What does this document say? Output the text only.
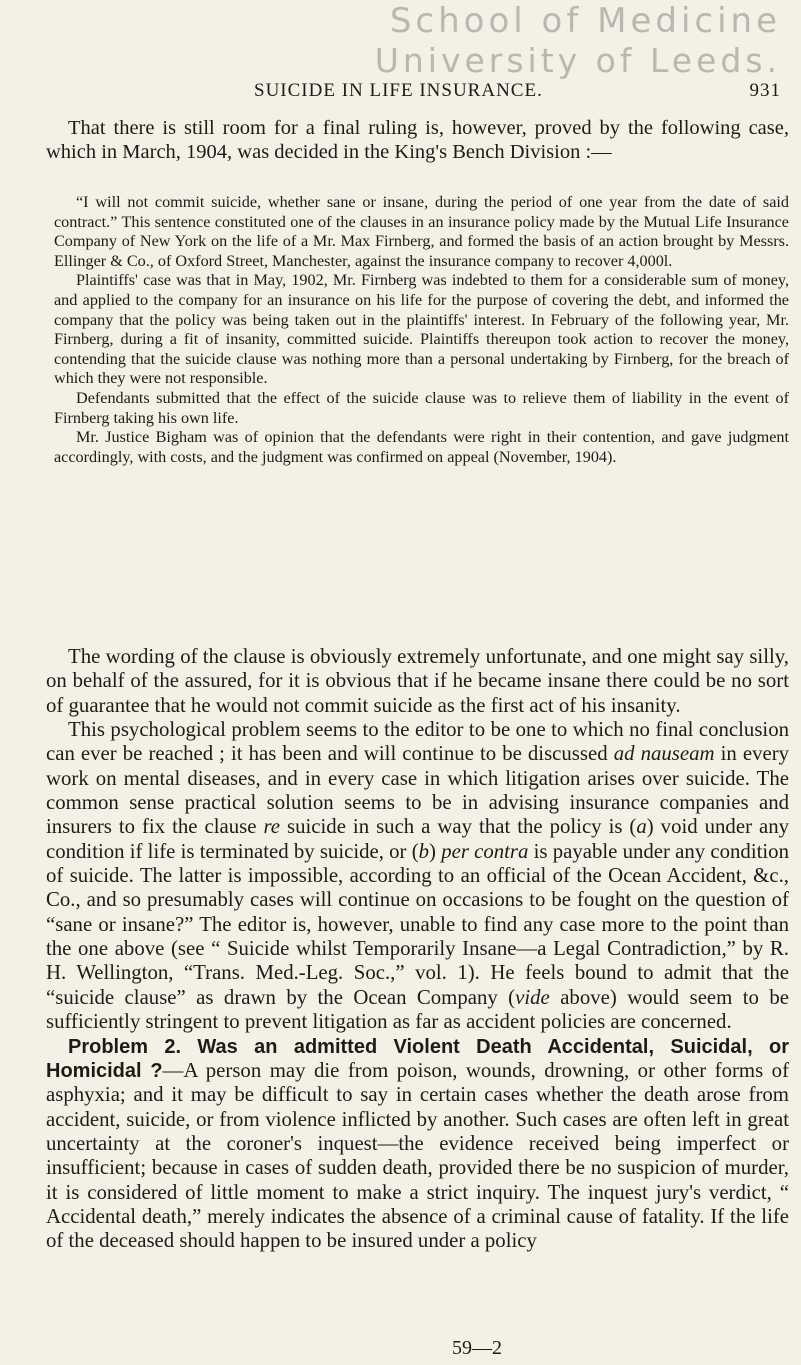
School of Medicine
University of Leeds.
SUICIDE IN LIFE INSURANCE.	931

That there is still room for a final ruling is, however, proved by the following case, which in March, 1904, was decided in the King's Bench Division :—

“I will not commit suicide, whether sane or insane, during the period of one year from the date of said contract.” This sentence constituted one of the clauses in an insurance policy made by the Mutual Life Insurance Company of New York on the life of a Mr. Max Firnberg, and formed the basis of an action brought by Messrs. Ellinger & Co., of Oxford Street, Manchester, against the insurance company to recover 4,000l.

Plaintiffs' case was that in May, 1902, Mr. Firnberg was indebted to them for a considerable sum of money, and applied to the company for an insurance on his life for the purpose of covering the debt, and informed the company that the policy was being taken out in the plaintiffs' interest. In February of the following year, Mr. Firnberg, during a fit of insanity, committed suicide. Plaintiffs thereupon took action to recover the money, contending that the suicide clause was nothing more than a personal undertaking by Firnberg, for the breach of which they were not responsible.

Defendants submitted that the effect of the suicide clause was to relieve them of liability in the event of Firnberg taking his own life.

Mr. Justice Bigham was of opinion that the defendants were right in their contention, and gave judgment accordingly, with costs, and the judgment was confirmed on appeal (November, 1904).

The wording of the clause is obviously extremely unfortunate, and one might say silly, on behalf of the assured, for it is obvious that if he became insane there could be no sort of guarantee that he would not commit suicide as the first act of his insanity.

This psychological problem seems to the editor to be one to which no final conclusion can ever be reached ; it has been and will continue to be discussed ad nauseam in every work on mental diseases, and in every case in which litigation arises over suicide. The common sense practical solution seems to be in advising insurance companies and insurers to fix the clause re suicide in such a way that the policy is (a) void under any condition if life is terminated by suicide, or (b) per contra is payable under any condition of suicide. The latter is impossible, according to an official of the Ocean Accident, &c., Co., and so presumably cases will continue on occasions to be fought on the question of “sane or insane?” The editor is, however, unable to find any case more to the point than the one above (see “ Suicide whilst Temporarily Insane—a Legal Contradiction,” by R. H. Wellington, “Trans. Med.-Leg. Soc.,” vol. 1). He feels bound to admit that the “suicide clause” as drawn by the Ocean Company (vide above) would seem to be sufficiently stringent to prevent litigation as far as accident policies are concerned.

Problem 2. Was an admitted Violent Death Accidental, Suicidal, or Homicidal ?—A person may die from poison, wounds, drowning, or other forms of asphyxia; and it may be difficult to say in certain cases whether the death arose from accident, suicide, or from violence inflicted by another. Such cases are often left in great uncertainty at the coroner's inquest—the evidence received being imperfect or insufficient; because in cases of sudden death, provided there be no suspicion of murder, it is considered of little moment to make a strict inquiry. The inquest jury's verdict, “ Accidental death,” merely indicates the absence of a criminal cause of fatality. If the life of the deceased should happen to be insured under a policy

59—2
